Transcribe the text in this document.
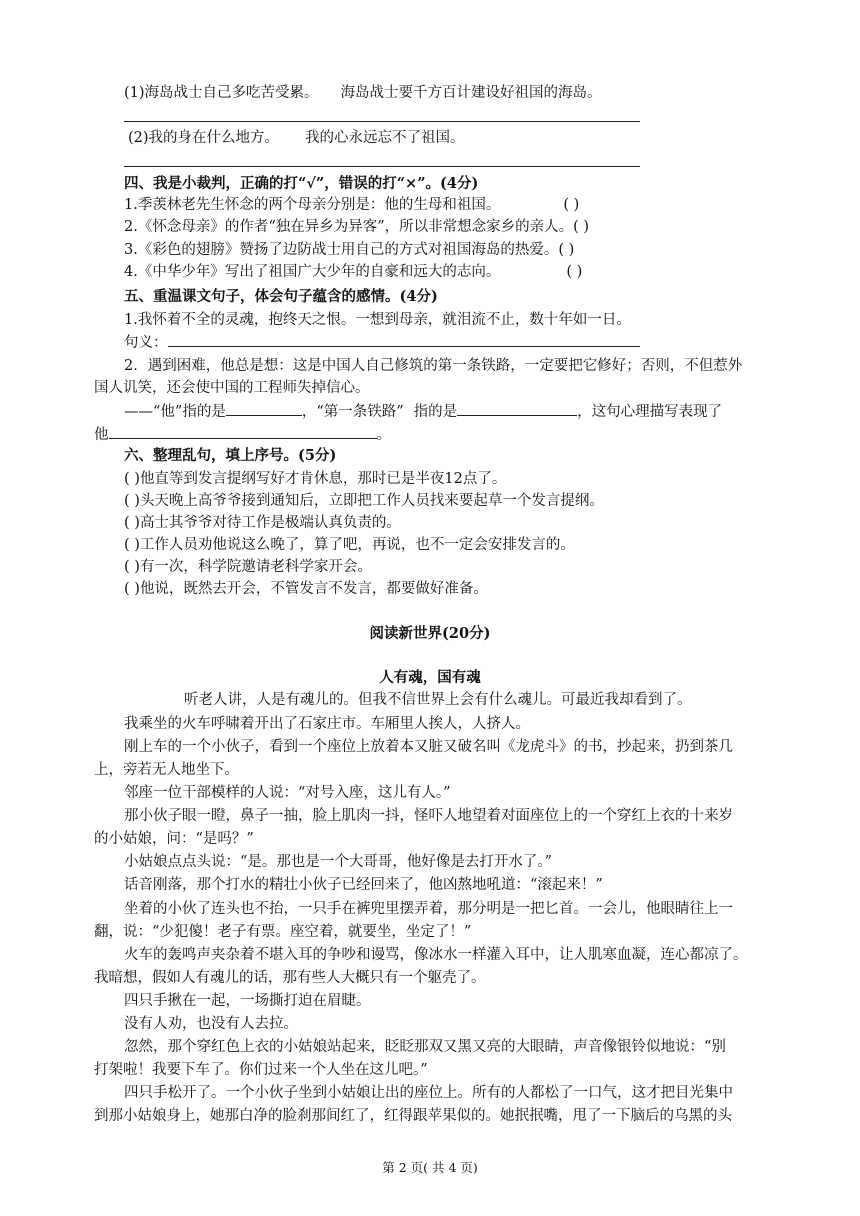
(1)海岛战士自己多吃苦受累。 海岛战士要千方百计建设好祖国的海岛。
(2)我的身在什么地方。 我的心永远忘不了祖国。
四、我是小裁判，正确的打“√”，错误的打“×”。(4分)
1.季羡林老先生怀念的两个母亲分别是：他的生母和祖国。	( )
2.《怀念母亲》的作者“独在异乡为异客”，所以非常想念家乡的亲人。( )
3.《彩色的翅膀》赞扬了边防战士用自己的方式对祖国海岛的热爱。( )
4.《中华少年》写出了祖国广大少年的自豪和远大的志向。	( )
五、重温课文句子，体会句子蕴含的感情。(4分)
1.我怀着不全的灵魂，抱终天之恨。一想到母亲，就泪流不止，数十年如一日。
句义：
2．遇到困难，他总是想：这是中国人自己修筑的第一条铁路，一定要把它修好；否则，不但惹外
国人讥笑，还会使中国的工程师失掉信心。
——“他”指的是	，“第一条铁路” 指的是	，这句心理描写表现了
他	。
六、整理乱句，填上序号。(5分)
( )他直等到发言提纲写好才肯休息，那时已是半夜12点了。
( )头天晚上高爷爷接到通知后，立即把工作人员找来要起草一个发言提纲。
( )高士其爷爷对待工作是极端认真负责的。
( )工作人员劝他说这么晚了，算了吧，再说，也不一定会安排发言的。
( )有一次，科学院邀请老科学家开会。
( )他说，既然去开会，不管发言不发言，都要做好准备。
阅读新世界(20分)
人有魂，国有魂
听老人讲，人是有魂儿的。但我不信世界上会有什么魂儿。可最近我却看到了。
我乘坐的火车呼啸着开出了石家庄市。车厢里人挨人，人挤人。
刚上车的一个小伙子，看到一个座位上放着本又脏又破名叫《龙虎斗》的书，抄起来，扔到茶几
上，旁若无人地坐下。
邻座一位干部模样的人说：“对号入座，这儿有人。”
那小伙子眼一瞪，鼻子一抽，脸上肌肉一抖，怪吓人地望着对面座位上的一个穿红上衣的十来岁
的小姑娘，问：“是吗？”
小姑娘点点头说：“是。那也是一个大哥哥，他好像是去打开水了。”
话音刚落，那个打水的精壮小伙子已经回来了，他凶熬地吼道：“滚起来！”
坐着的小伙了连头也不抬，一只手在裤兜里摆弄着，那分明是一把匕首。一会儿，他眼睛往上一
翻，说：“少犯傻！老子有票。座空着，就要坐，坐定了！”
火车的轰鸣声夹杂着不堪入耳的争吵和谩骂，像冰水一样灌入耳中，让人肌寒血凝，连心都凉了。
我暗想，假如人有魂儿的话，那有些人大概只有一个躯壳了。
四只手揪在一起，一场撕打迫在眉睫。
没有人劝，也没有人去拉。
忽然，那个穿红色上衣的小姑娘站起来，眨眨那双又黑又亮的大眼睛，声音像银铃似地说：“别
打架啦！我要下车了。你们过来一个人坐在这儿吧。”
四只手松开了。一个小伙子坐到小姑娘让出的座位上。所有的人都松了一口气，这才把目光集中
到那小姑娘身上，她那白净的脸刹那间红了，红得跟苹果似的。她抿抿嘴，甩了一下脑后的乌黑的头
第 2 页( 共 4 页)
